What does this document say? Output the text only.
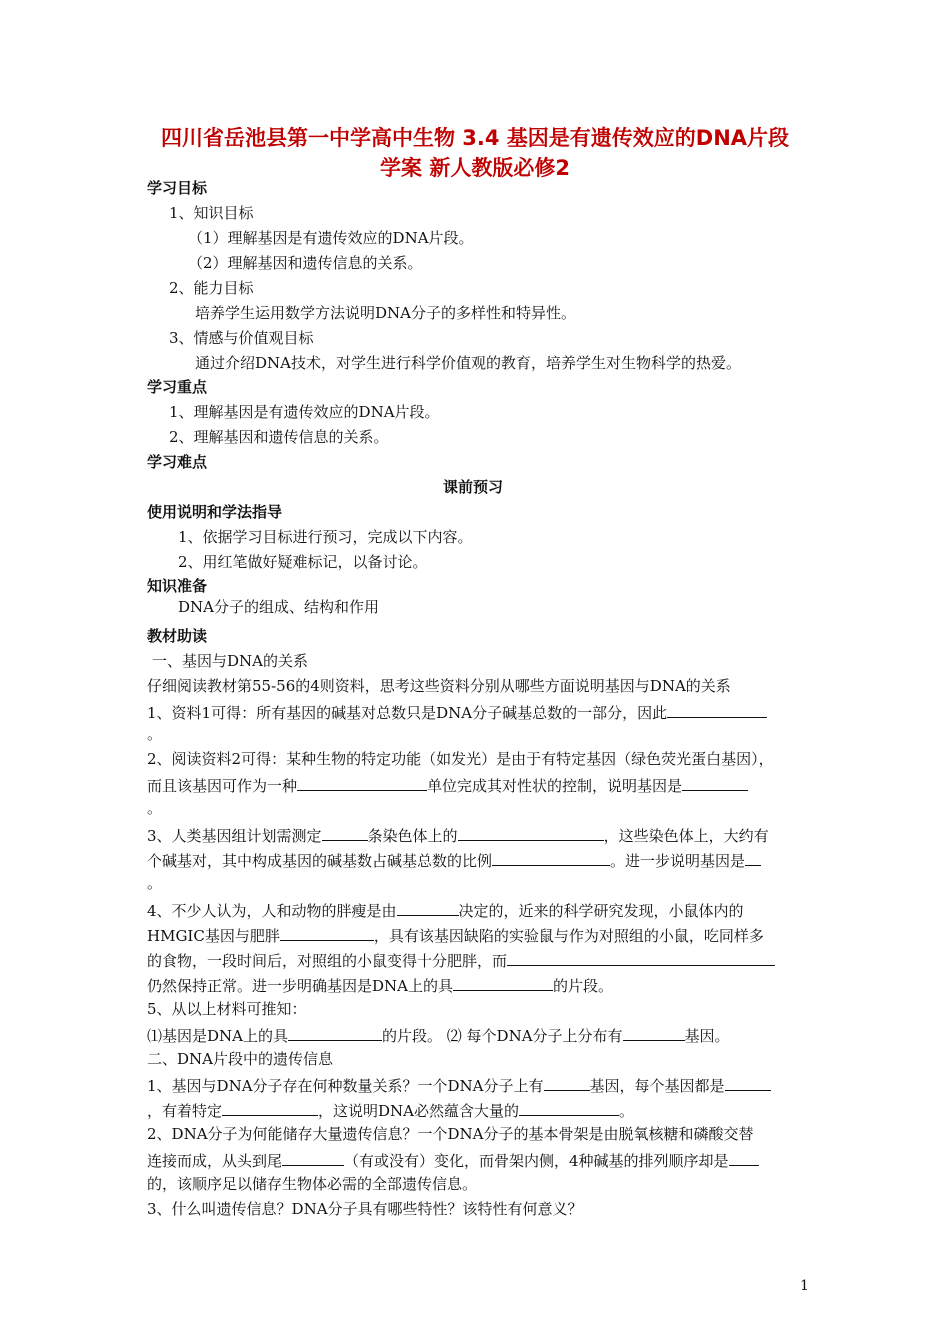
四川省岳池县第一中学高中生物 3.4 基因是有遗传效应的DNA片段
学案 新人教版必修2
学习目标
1、知识目标
（1）理解基因是有遗传效应的DNA片段。
（2）理解基因和遗传信息的关系。
2、能力目标
培养学生运用数学方法说明DNA分子的多样性和特异性。
3、情感与价值观目标
通过介绍DNA技术，对学生进行科学价值观的教育，培养学生对生物科学的热爱。
学习重点
1、理解基因是有遗传效应的DNA片段。
2、理解基因和遗传信息的关系。
学习难点
课前预习
使用说明和学法指导
1、依据学习目标进行预习，完成以下内容。
2、用红笔做好疑难标记，以备讨论。
知识准备
DNA分子的组成、结构和作用
教材助读
一、基因与DNA的关系
仔细阅读教材第55-56的4则资料，思考这些资料分别从哪些方面说明基因与DNA的关系
1、资料1可得：所有基因的碱基对总数只是DNA分子碱基总数的一部分，因此
。
2、阅读资料2可得：某种生物的特定功能（如发光）是由于有特定基因（绿色荧光蛋白基因），
而且该基因可作为一种	单位完成其对性状的控制，说明基因是
。
3、人类基因组计划需测定	条染色体上的	，这些染色体上，大约有
个碱基对，其中构成基因的碱基数占碱基总数的比例	。进一步说明基因是
。
4、不少人认为，人和动物的胖瘦是由	决定的，近来的科学研究发现，小鼠体内的
HMGIC基因与肥胖	，具有该基因缺陷的实验鼠与作为对照组的小鼠，吃同样多
的食物，一段时间后，对照组的小鼠变得十分肥胖，而
仍然保持正常。进一步明确基因是DNA上的具	的片段。
5、从以上材料可推知：
⑴基因是DNA上的具	的片段。 ⑵ 每个DNA分子上分布有	基因。
二、DNA片段中的遗传信息
1、基因与DNA分子存在何种数量关系？一个DNA分子上有	基因，每个基因都是
，有着特定	，这说明DNA必然蕴含大量的	。
2、DNA分子为何能储存大量遗传信息？一个DNA分子的基本骨架是由脱氧核糖和磷酸交替
连接而成，从头到尾	（有或没有）变化，而骨架内侧，4种碱基的排列顺序却是
的，该顺序足以储存生物体必需的全部遗传信息。
3、什么叫遗传信息？DNA分子具有哪些特性？该特性有何意义？
1
